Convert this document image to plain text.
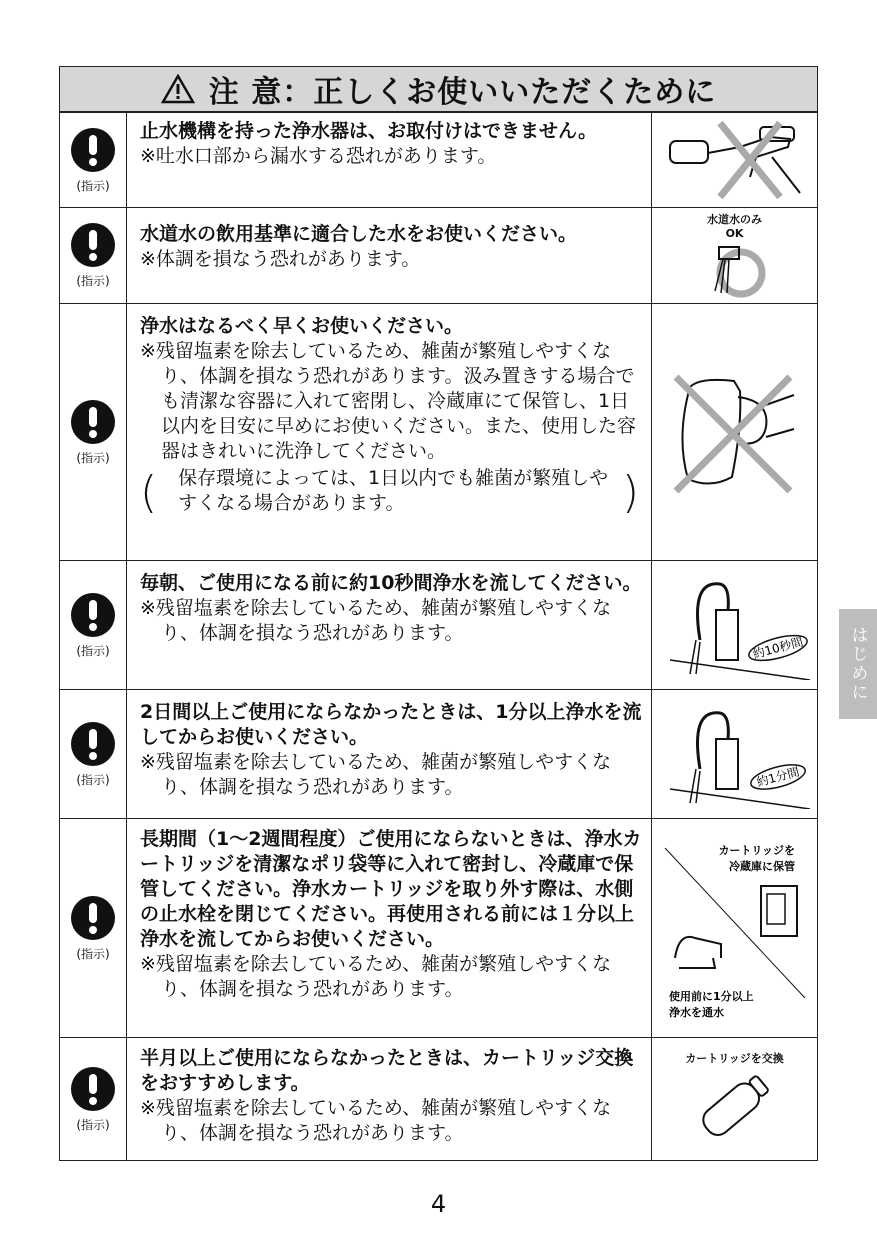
注 意：正しくお使いいただくために
(指示)
止水機構を持った浄水器は、お取付けはできません。

※吐水口部から漏水する恐れがあります。
(指示)
水道水の飲用基準に適合した水をお使いください。

※体調を損なう恐れがあります。
水道水のみ
OK
(指示)
浄水はなるべく早くお使いください。

※残留塩素を除去しているため、雑菌が繁殖しやすくなり、体調を損なう恐れがあります。汲み置きする場合でも清潔な容器に入れて密閉し、冷蔵庫にて保管し、1日以内を目安に早めにお使いください。また、使用した容器はきれいに洗浄してください。
( 保存環境によっては、1日以内でも雑菌が繁殖しやすくなる場合があります。	)
(指示)
毎朝、ご使用になる前に約10秒間浄水を流してください。

※残留塩素を除去しているため、雑菌が繁殖しやすくなり、体調を損なう恐れがあります。
約10秒間
(指示)
2日間以上ご使用にならなかったときは、1分以上浄水を流してからお使いください。

※残留塩素を除去しているため、雑菌が繁殖しやすくなり、体調を損なう恐れがあります。	約1分間
(指示)
長期間（1～2週間程度）ご使用にならないときは、浄水カートリッジを清潔なポリ袋等に入れて密封し、冷蔵庫で保管してください。浄水カートリッジを取り外す際は、水側の止水栓を閉じてください。再使用される前には１分以上浄水を流してからお使いください。

※残留塩素を除去しているため、雑菌が繁殖しやすくなり、体調を損なう恐れがあります。
カートリッジを
冷蔵庫に保管
使用前に1分以上
浄水を通水
(指示)
半月以上ご使用にならなかったときは、カートリッジ交換をおすすめします。

※残留塩素を除去しているため、雑菌が繁殖しやすくなり、体調を損なう恐れがあります。
カートリッジを交換
はじめに
4
